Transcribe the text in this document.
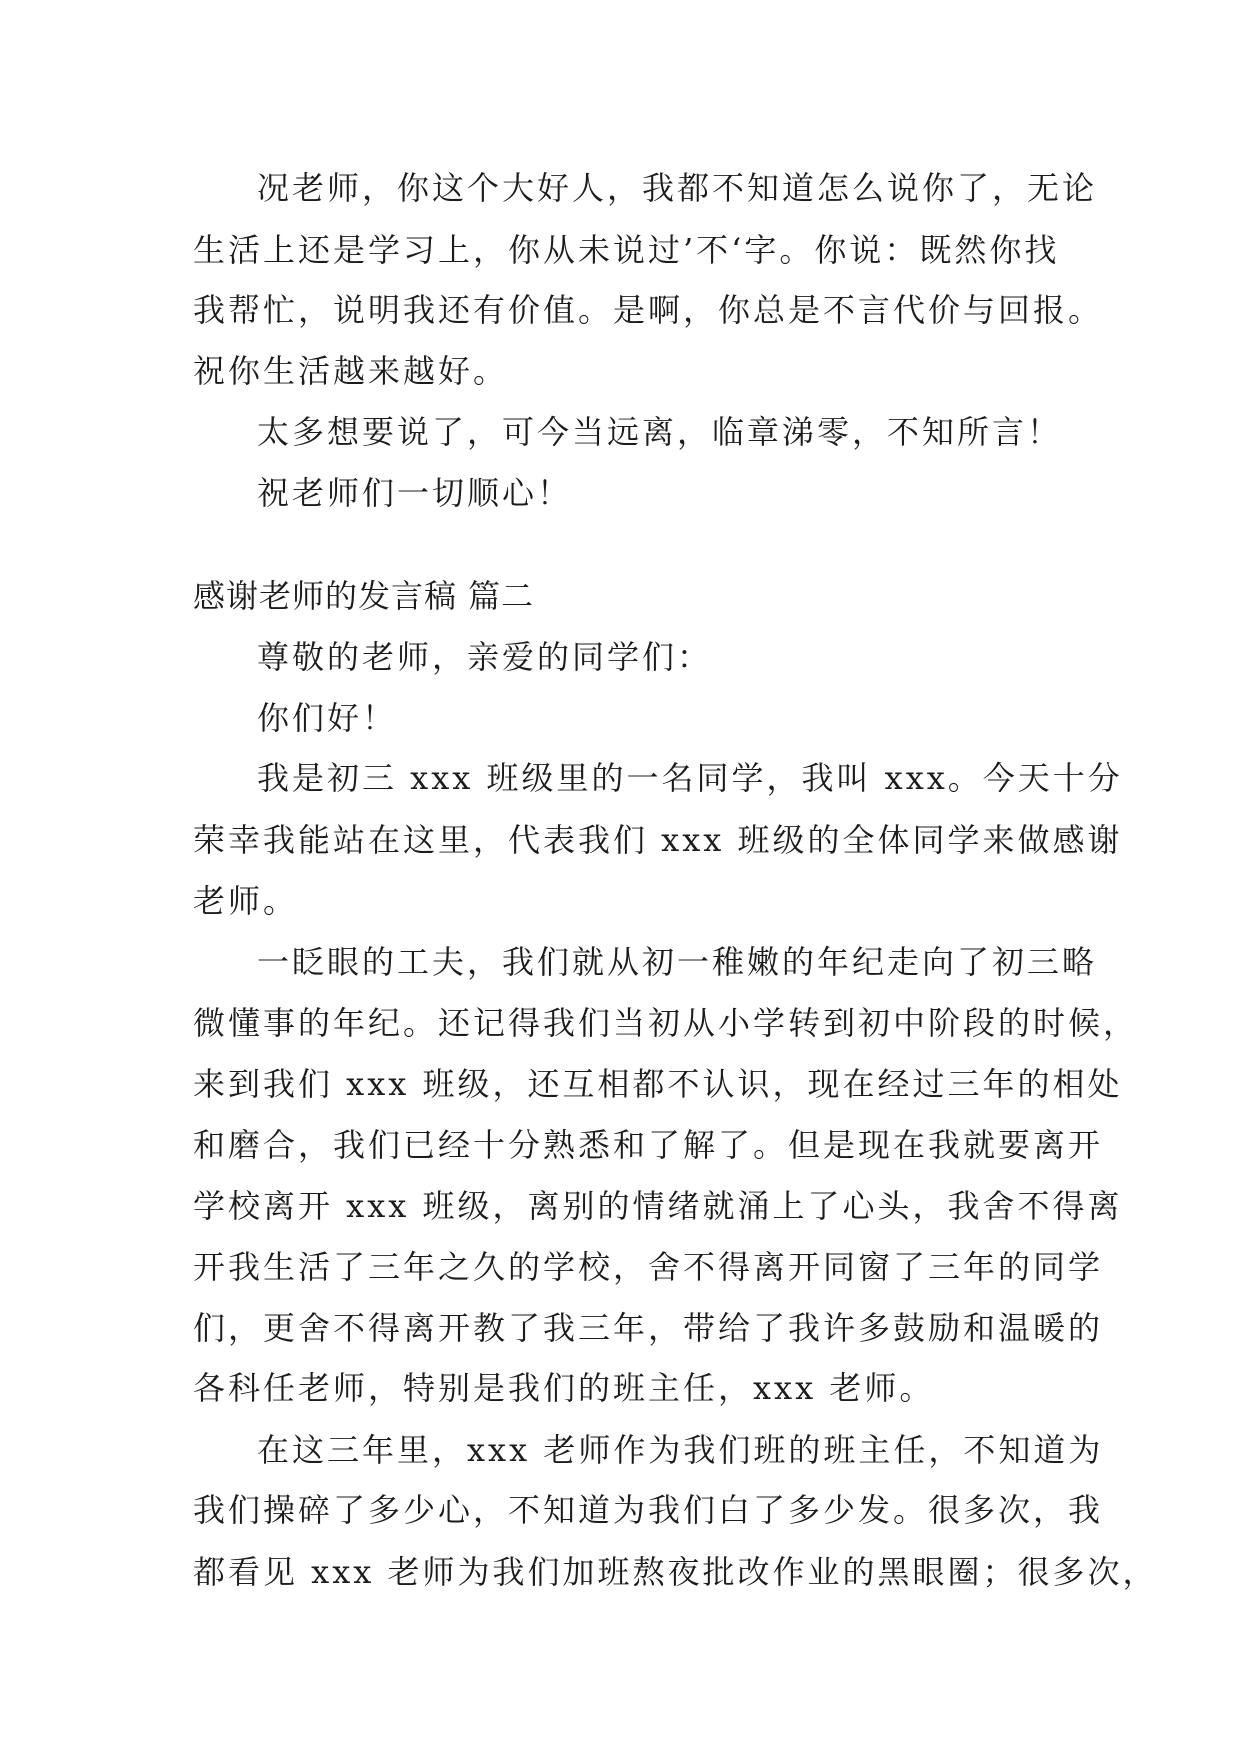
况老师，你这个大好人，我都不知道怎么说你了，无论
生活上还是学习上，你从未说过’不‘字。你说：既然你找
我帮忙，说明我还有价值。是啊，你总是不言代价与回报。
祝你生活越来越好。
太多想要说了，可今当远离，临章涕零，不知所言！
祝老师们一切顺心！
感谢老师的发言稿 篇二
尊敬的老师，亲爱的同学们：
你们好！
我是初三 xxx 班级里的一名同学，我叫 xxx。今天十分
荣幸我能站在这里，代表我们 xxx 班级的全体同学来做感谢
老师。
一眨眼的工夫，我们就从初一稚嫩的年纪走向了初三略
微懂事的年纪。还记得我们当初从小学转到初中阶段的时候，
来到我们 xxx 班级，还互相都不认识，现在经过三年的相处
和磨合，我们已经十分熟悉和了解了。但是现在我就要离开
学校离开 xxx 班级，离别的情绪就涌上了心头，我舍不得离
开我生活了三年之久的学校，舍不得离开同窗了三年的同学
们，更舍不得离开教了我三年，带给了我许多鼓励和温暖的
各科任老师，特别是我们的班主任，xxx 老师。
在这三年里，xxx 老师作为我们班的班主任，不知道为
我们操碎了多少心，不知道为我们白了多少发。很多次，我
都看见 xxx 老师为我们加班熬夜批改作业的黑眼圈；很多次，
